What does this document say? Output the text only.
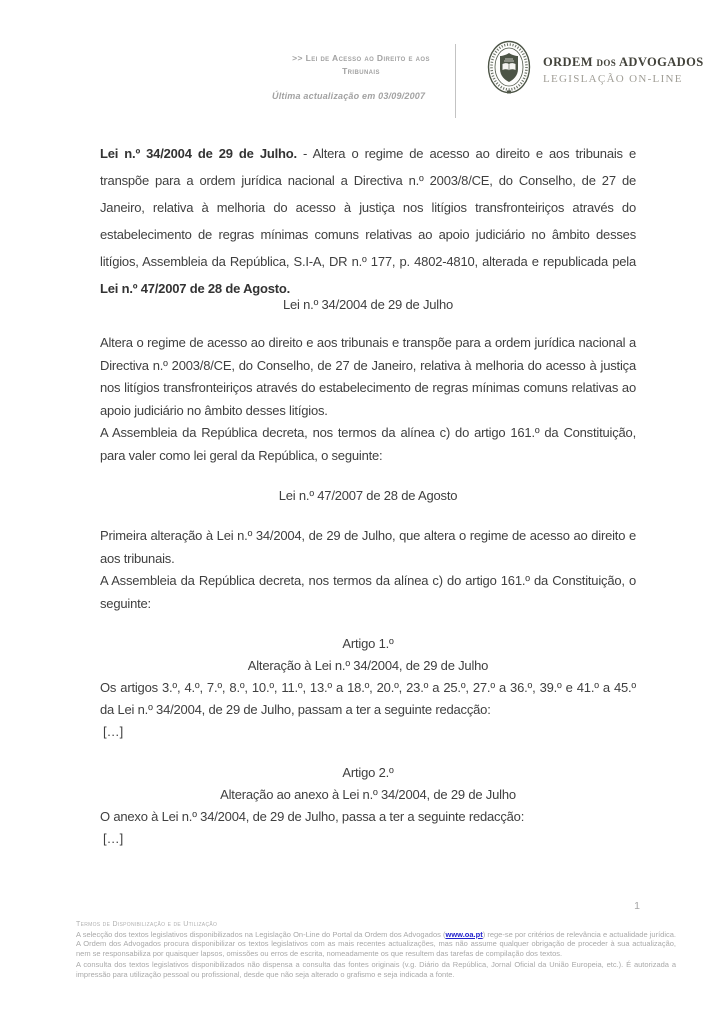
>> Lei de Acesso ao Direito e aos Tribunais
Última actualização em 03/09/2007
ORDEM dos ADVOGADOS
LEGISLAÇÃO ON-LINE
Lei n.º 34/2004 de 29 de Julho. - Altera o regime de acesso ao direito e aos tribunais e transpõe para a ordem jurídica nacional a Directiva n.º 2003/8/CE, do Conselho, de 27 de Janeiro, relativa à melhoria do acesso à justiça nos litígios transfronteiriços através do estabelecimento de regras mínimas comuns relativas ao apoio judiciário no âmbito desses litígios, Assembleia da República, S.I-A, DR n.º 177, p. 4802-4810, alterada e republicada pela Lei n.º 47/2007 de 28 de Agosto.
Lei n.º 34/2004 de 29 de Julho
Altera o regime de acesso ao direito e aos tribunais e transpõe para a ordem jurídica nacional a Directiva n.º 2003/8/CE, do Conselho, de 27 de Janeiro, relativa à melhoria do acesso à justiça nos litígios transfronteiriços através do estabelecimento de regras mínimas comuns relativas ao apoio judiciário no âmbito desses litígios.
A Assembleia da República decreta, nos termos da alínea c) do artigo 161.º da Constituição, para valer como lei geral da República, o seguinte:
Lei n.º 47/2007 de 28 de Agosto
Primeira alteração à Lei n.º 34/2004, de 29 de Julho, que altera o regime de acesso ao direito e aos tribunais.
A Assembleia da República decreta, nos termos da alínea c) do artigo 161.º da Constituição, o seguinte:
Artigo 1.º
Alteração à Lei n.º 34/2004, de 29 de Julho
Os artigos 3.º, 4.º, 7.º, 8.º, 10.º, 11.º, 13.º a 18.º, 20.º, 23.º a 25.º, 27.º a 36.º, 39.º e 41.º a 45.º da Lei n.º 34/2004, de 29 de Julho, passam a ter a seguinte redacção:
[…]
Artigo 2.º
Alteração ao anexo à Lei n.º 34/2004, de 29 de Julho
O anexo à Lei n.º 34/2004, de 29 de Julho, passa a ter a seguinte redacção:
[…]
1
Termos de Disponibilização e de Utilização
A selecção dos textos legislativos disponibilizados na Legislação On-Line do Portal da Ordem dos Advogados (www.oa.pt) rege-se por critérios de relevância e actualidade jurídica. A Ordem dos Advogados procura disponibilizar os textos legislativos com as mais recentes actualizações, mas não assume qualquer obrigação de proceder à sua actualização, nem se responsabiliza por quaisquer lapsos, omissões ou erros de escrita, nomeadamente os que resultem das tarefas de compilação dos textos.
A consulta dos textos legislativos disponibilizados não dispensa a consulta das fontes originais (v.g. Diário da República, Jornal Oficial da União Europeia, etc.). É autorizada a impressão para utilização pessoal ou profissional, desde que não seja alterado o grafismo e seja indicada a fonte.
